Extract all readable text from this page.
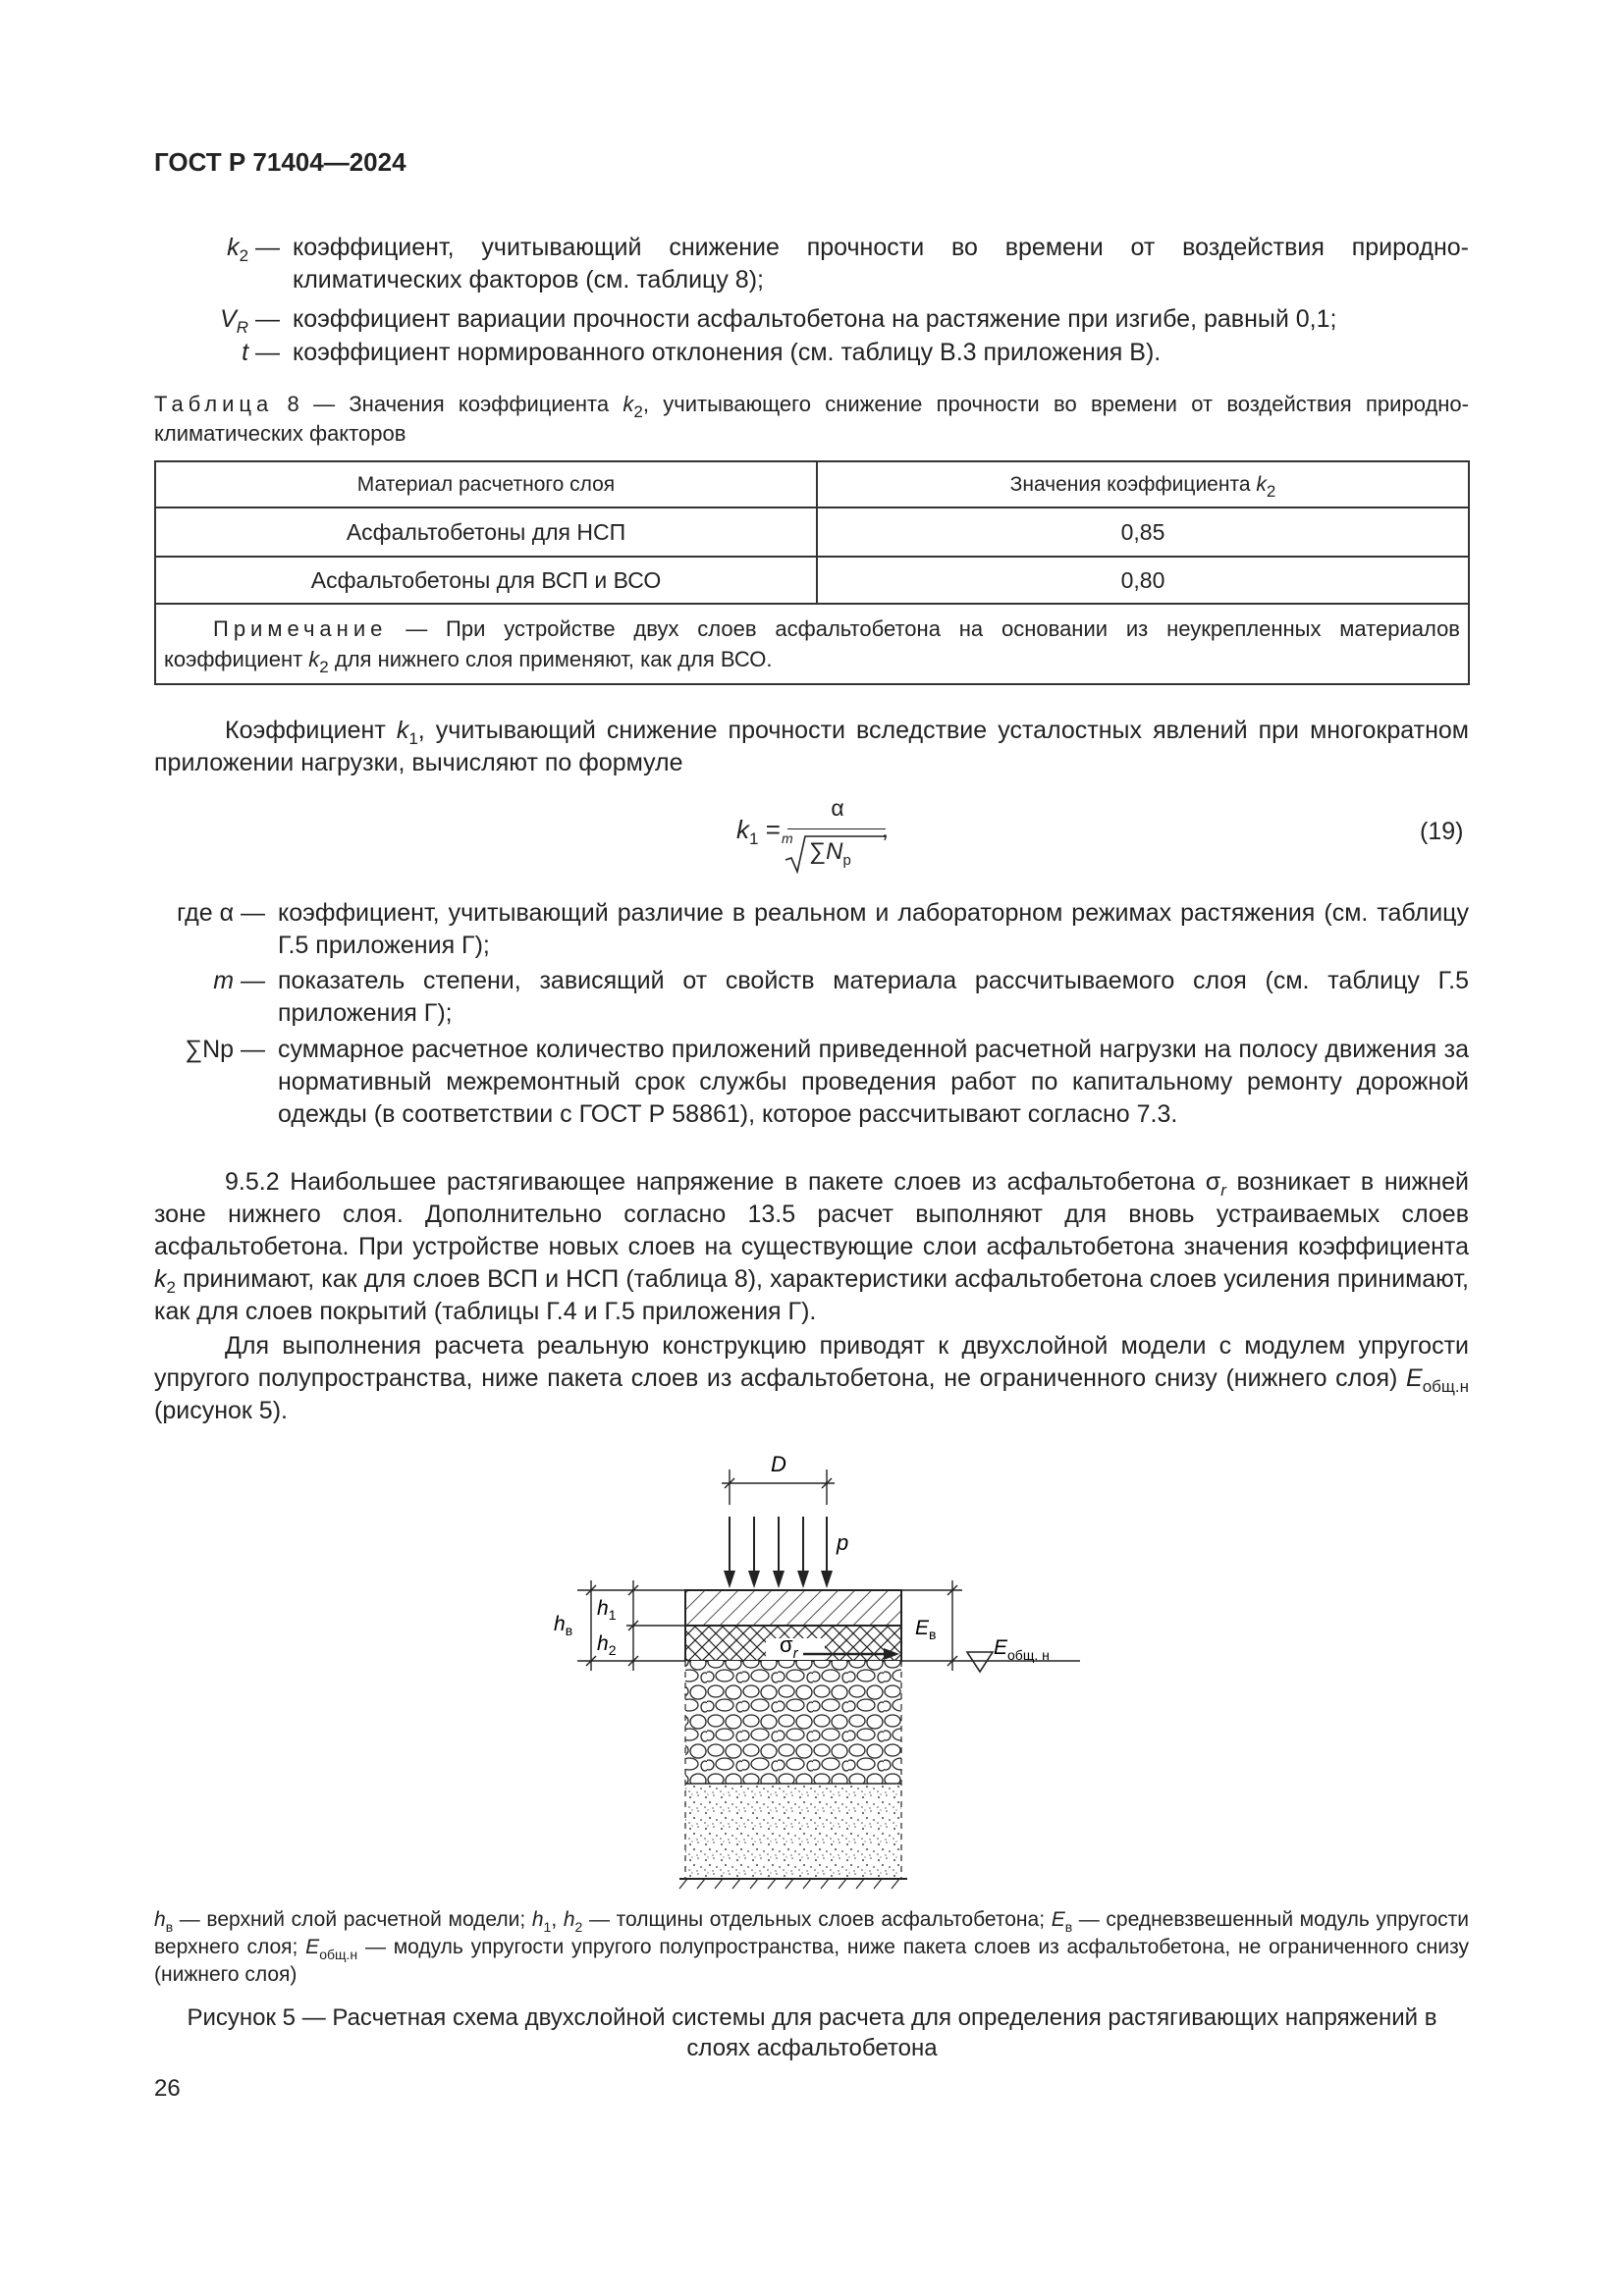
ГОСТ Р 71404—2024
$k_2$ — коэффициент, учитывающий снижение прочности во времени от воздействия природно-климатических факторов (см. таблицу 8);
$V_R$ — коэффициент вариации прочности асфальтобетона на растяжение при изгибе, равный 0,1;
t — коэффициент нормированного отклонения (см. таблицу В.3 приложения В).
Таблица 8 — Значения коэффициента $k_2$, учитывающего снижение прочности во времени от воздействия природно-климатических факторов
Материал расчетного слоя	Значения коэффициента $k_2$
Асфальтобетоны для НСП	0,85
Асфальтобетоны для ВСП и ВСО	0,80
Примечание — При устройстве двух слоев асфальтобетона на основании из неукрепленных материалов коэффициент $k_2$ для нижнего слоя применяют, как для ВСО.	
Коэффициент $k_1$, учитывающий снижение прочности вследствие усталостных явлений при многократном приложении нагрузки, вычисляют по формуле
$k_1$ =
α
m $\sum N_р$
,	(19)
где α — коэффициент, учитывающий различие в реальном и лабораторном режимах растяжения (см. таблицу Г.5 приложения Г);
m — показатель степени, зависящий от свойств материала рассчитываемого слоя (см. таблицу Г.5 приложения Г);
∑Np — суммарное расчетное количество приложений приведенной расчетной нагрузки на полосу движения за нормативный межремонтный срок службы проведения работ по капитальному ремонту дорожной одежды (в соответствии с ГОСТ Р 58861), которое рассчитывают согласно 7.3.
9.5.2 Наибольшее растягивающее напряжение в пакете слоев из асфальтобетона $\sigma_r$ возникает в нижней зоне нижнего слоя. Дополнительно согласно 13.5 расчет выполняют для вновь устраиваемых слоев асфальтобетона. При устройстве новых слоев на существующие слои асфальтобетона значения коэффициента $k_2$ принимают, как для слоев ВСП и НСП (таблица 8), характеристики асфальтобетона слоев усиления принимают, как для слоев покрытий (таблицы Г.4 и Г.5 приложения Г).
Для выполнения расчета реальную конструкцию приводят к двухслойной модели с модулем упругости упругого полупространства, ниже пакета слоев из асфальтобетона, не ограниченного снизу (нижнего слоя) $E_{общ.н}$ (рисунок 5).
D
p
$h_в$
$h_1$
$h_2$	$\sigma_r$
$E_в$
$E_{общ. н}$
$h_в$ — верхний слой расчетной модели; $h_1$, $h_2$ — толщины отдельных слоев асфальтобетона; $E_в$ — средневзвешенный модуль упругости верхнего слоя; $E_{общ.н}$ — модуль упругости упругого полупространства, ниже пакета слоев из асфальтобетона, не ограниченного снизу (нижнего слоя)
Рисунок 5 — Расчетная схема двухслойной системы для расчета для определения растягивающих напряжений в слоях асфальтобетона
26
